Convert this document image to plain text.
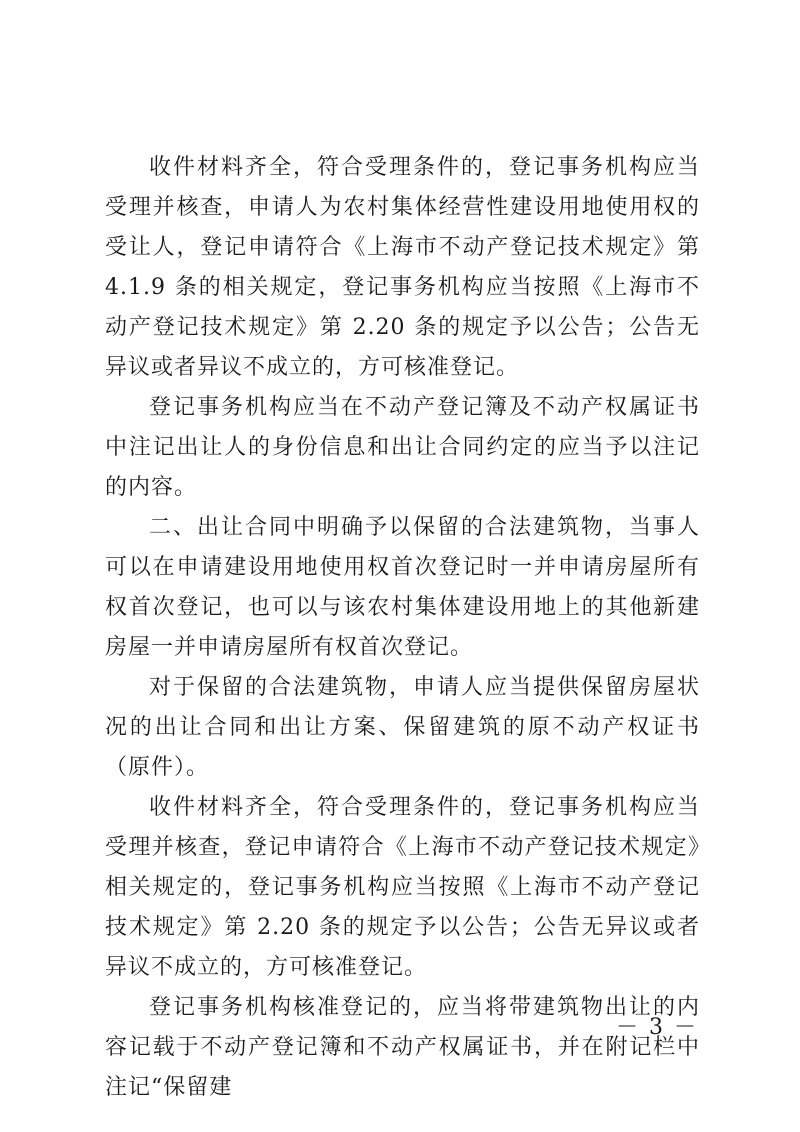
收件材料齐全，符合受理条件的，登记事务机构应当受理并核查，申请人为农村集体经营性建设用地使用权的受让人，登记申请符合《上海市不动产登记技术规定》第 4.1.9 条的相关规定，登记事务机构应当按照《上海市不动产登记技术规定》第 2.20 条的规定予以公告；公告无异议或者异议不成立的，方可核准登记。

登记事务机构应当在不动产登记簿及不动产权属证书中注记出让人的身份信息和出让合同约定的应当予以注记的内容。

二、出让合同中明确予以保留的合法建筑物，当事人可以在申请建设用地使用权首次登记时一并申请房屋所有权首次登记，也可以与该农村集体建设用地上的其他新建房屋一并申请房屋所有权首次登记。

对于保留的合法建筑物，申请人应当提供保留房屋状况的出让合同和出让方案、保留建筑的原不动产权证书（原件）。

收件材料齐全，符合受理条件的，登记事务机构应当受理并核查，登记申请符合《上海市不动产登记技术规定》相关规定的，登记事务机构应当按照《上海市不动产登记技术规定》第 2.20 条的规定予以公告；公告无异议或者异议不成立的，方可核准登记。

登记事务机构核准登记的，应当将带建筑物出让的内容记载于不动产登记簿和不动产权属证书，并在附记栏中注记“保留建

－ 3 －
